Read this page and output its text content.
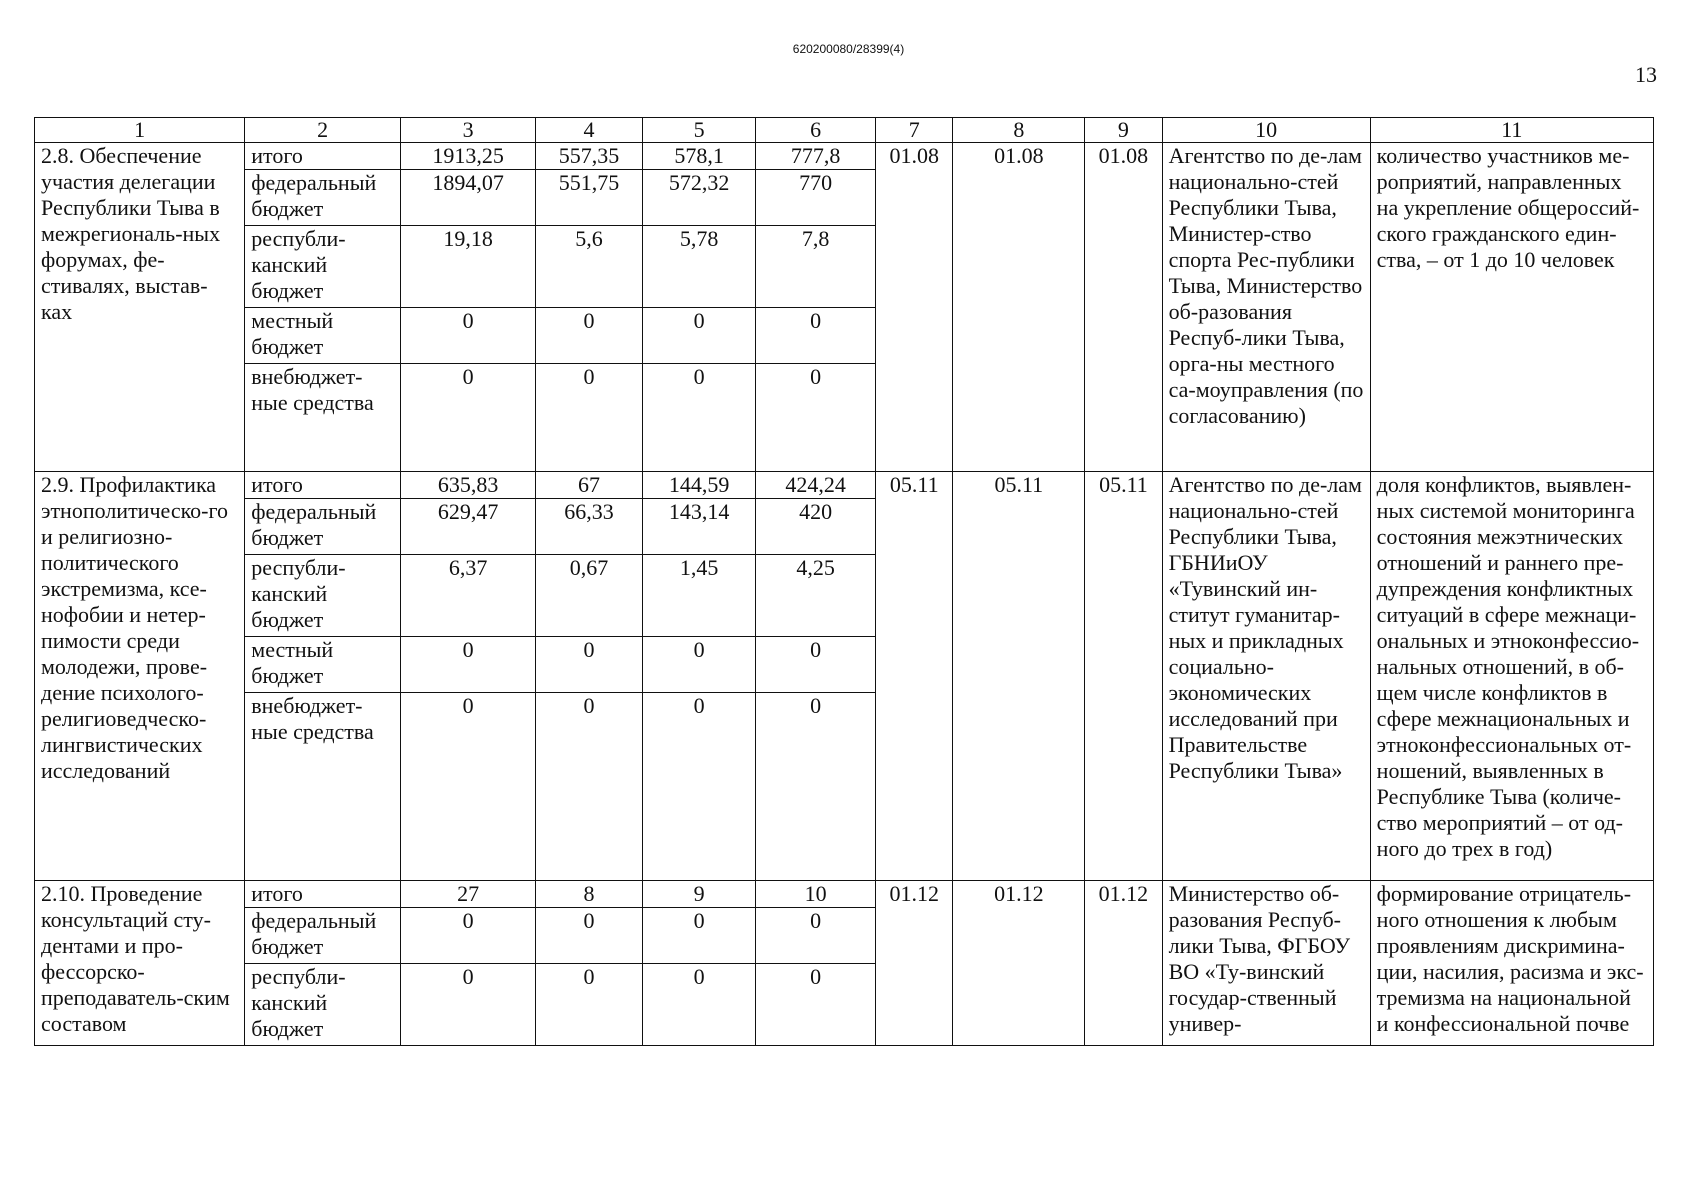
620200080/28399(4)
13
1	2	3	4	5	6	7	8	9	10	11
2.8. Обеспечение участия делегации Республики Тыва в межрегиональ-ных форумах, фе-стивалях, выстав-ках	итого	1913,25	557,35	578,1	777,8	01.08	01.08	01.08	Агентство по де-лам национально-стей Республики Тыва, Министер-ство спорта Рес-публики Тыва, Министерство об-разования Респуб-лики Тыва, орга-ны местного са-моуправления (по согласованию)	количество участников ме-роприятий, направленных на укрепление общероссий-ского гражданского един-ства, – от 1 до 10 человек
	федеральный бюджет	1894,07	551,75	572,32	770					
	республи-канский бюджет	19,18	5,6	5,78	7,8					
	местный бюджет	0	0	0	0					
	внебюджет-ные средства	0	0	0	0					
2.9. Профилактика этнополитическо-го и религиозно-политического экстремизма, ксе-нофобии и нетер-пимости среди молодежи, прове-дение психолого-религиоведческо-лингвистических исследований	итого	635,83	67	144,59	424,24	05.11	05.11	05.11	Агентство по де-лам национально-стей Республики Тыва, ГБНИиОУ «Тувинский ин-ститут гуманитар-ных и прикладных социально-экономических исследований при Правительстве Республики Тыва»	доля конфликтов, выявлен-ных системой мониторинга состояния межэтнических отношений и раннего пре-дупреждения конфликтных ситуаций в сфере межнаци-ональных и этноконфессио-нальных отношений, в об-щем числе конфликтов в сфере межнациональных и этноконфессиональных от-ношений, выявленных в Республике Тыва (количе-ство мероприятий – от од-ного до трех в год)
	федеральный бюджет	629,47	66,33	143,14	420					
	республи-канский бюджет	6,37	0,67	1,45	4,25					
	местный бюджет	0	0	0	0					
	внебюджет-ные средства	0	0	0	0					
2.10. Проведение консультаций сту-дентами и про-фессорско-преподаватель-ским составом	итого	27	8	9	10	01.12	01.12	01.12	Министерство об-разования Респуб-лики Тыва, ФГБОУ ВО «Ту-винский государ-ственный универ-	формирование отрицатель-ного отношения к любым проявлениям дискримина-ции, насилия, расизма и экс-тремизма на национальной и конфессиональной почве
	федеральный бюджет	0	0	0	0					
	республи-канский бюджет	0	0	0	0					
